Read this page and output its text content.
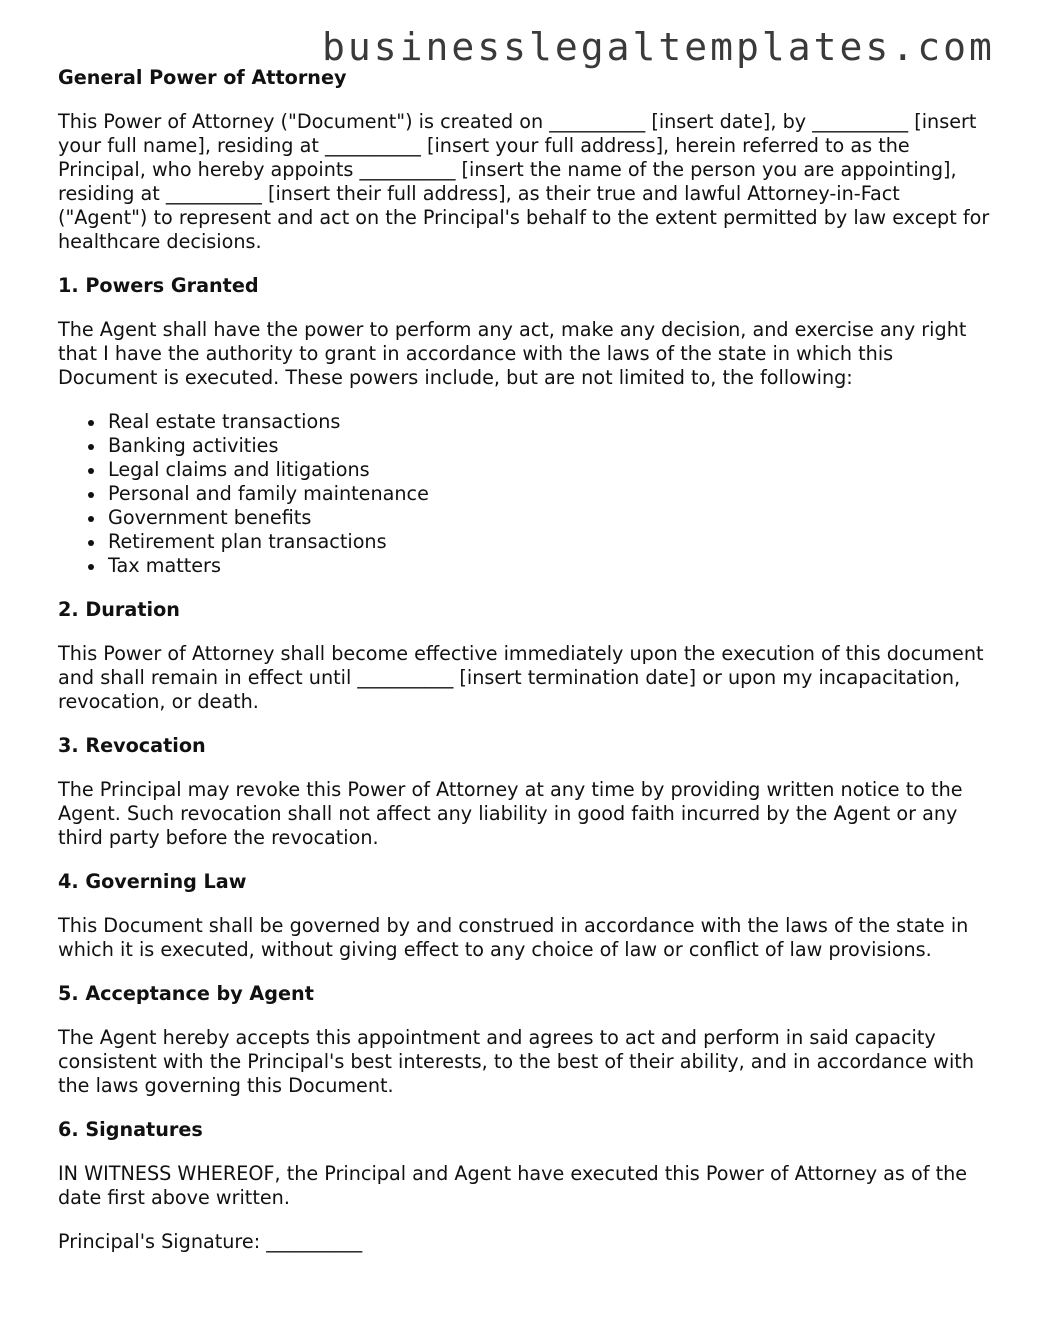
businesslegaltemplates.com
General Power of Attorney

This Power of Attorney ("Document") is created on __________ [insert date], by __________ [insert your full name], residing at __________ [insert your full address], herein referred to as the Principal, who hereby appoints __________ [insert the name of the person you are appointing], residing at __________ [insert their full address], as their true and lawful Attorney-in-Fact ("Agent") to represent and act on the Principal's behalf to the extent permitted by law except for healthcare decisions.

1. Powers Granted

The Agent shall have the power to perform any act, make any decision, and exercise any right that I have the authority to grant in accordance with the laws of the state in which this Document is executed. These powers include, but are not limited to, the following:

Real estate transactions
Banking activities
Legal claims and litigations
Personal and family maintenance
Government benefits
Retirement plan transactions
Tax matters
2. Duration

This Power of Attorney shall become effective immediately upon the execution of this document and shall remain in effect until __________ [insert termination date] or upon my incapacitation, revocation, or death.

3. Revocation

The Principal may revoke this Power of Attorney at any time by providing written notice to the Agent. Such revocation shall not affect any liability in good faith incurred by the Agent or any third party before the revocation.

4. Governing Law

This Document shall be governed by and construed in accordance with the laws of the state in which it is executed, without giving effect to any choice of law or conflict of law provisions.

5. Acceptance by Agent

The Agent hereby accepts this appointment and agrees to act and perform in said capacity consistent with the Principal's best interests, to the best of their ability, and in accordance with the laws governing this Document.

6. Signatures

IN WITNESS WHEREOF, the Principal and Agent have executed this Power of Attorney as of the date first above written.

Principal's Signature: __________
